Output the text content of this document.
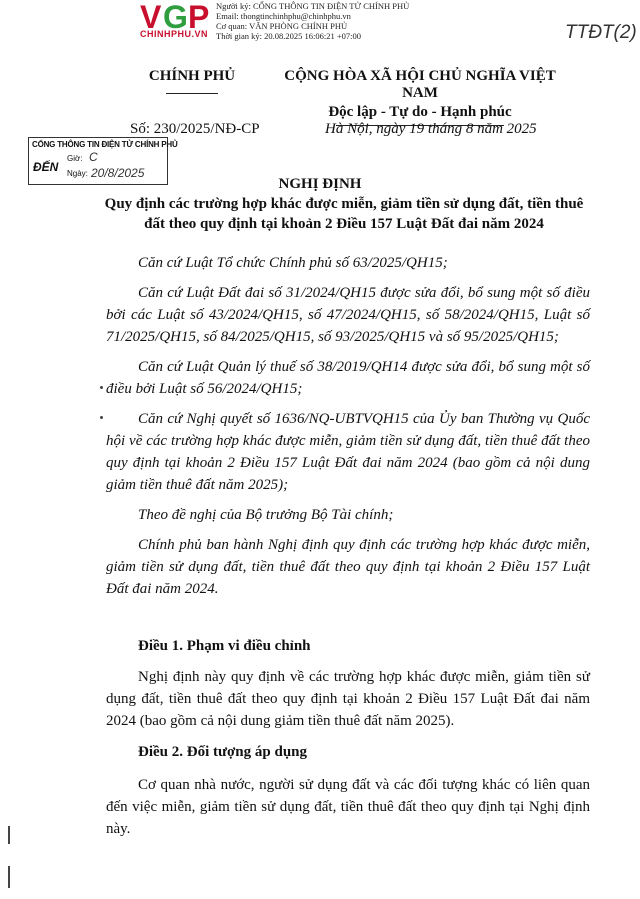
V G P
CHINHPHU.VN
Người ký: CỔNG THÔNG TIN ĐIỆN TỬ CHÍNH PHỦ
Email: thongtinchinhphu@chinhphu.vn
Cơ quan: VĂN PHÒNG CHÍNH PHỦ
Thời gian ký: 20.08.2025 16:06:21 +07:00	TTĐT(2)
CHÍNH PHỦ	CỘNG HÒA XÃ HỘI CHỦ NGHĨA VIỆT NAM
Độc lập - Tự do - Hạnh phúc
Số: 230/2025/NĐ-CP	Hà Nội, ngày 19 tháng 8 năm 2025
CỔNG THÔNG TIN ĐIỆN TỬ CHÍNH PHỦ
ĐẾN
Giờ: C
Ngày: 20/8/2025
NGHỊ ĐỊNH
Quy định các trường hợp khác được miễn, giảm tiền sử dụng đất, tiền thuê đất theo quy định tại khoản 2 Điều 157 Luật Đất đai năm 2024
Căn cứ Luật Tổ chức Chính phủ số 63/2025/QH15;
Căn cứ Luật Đất đai số 31/2024/QH15 được sửa đổi, bổ sung một số điều bởi các Luật số 43/2024/QH15, số 47/2024/QH15, số 58/2024/QH15, Luật số 71/2025/QH15, số 84/2025/QH15, số 93/2025/QH15 và số 95/2025/QH15;
Căn cứ Luật Quản lý thuế số 38/2019/QH14 được sửa đổi, bổ sung một số điều bởi Luật số 56/2024/QH15;
Căn cứ Nghị quyết số 1636/NQ-UBTVQH15 của Ủy ban Thường vụ Quốc hội về các trường hợp khác được miễn, giảm tiền sử dụng đất, tiền thuê đất theo quy định tại khoản 2 Điều 157 Luật Đất đai năm 2024 (bao gồm cả nội dung giảm tiền thuê đất năm 2025);
Theo đề nghị của Bộ trưởng Bộ Tài chính;
Chính phủ ban hành Nghị định quy định các trường hợp khác được miễn, giảm tiền sử dụng đất, tiền thuê đất theo quy định tại khoản 2 Điều 157 Luật Đất đai năm 2024.
Điều 1. Phạm vi điều chỉnh
Nghị định này quy định về các trường hợp khác được miễn, giảm tiền sử dụng đất, tiền thuê đất theo quy định tại khoản 2 Điều 157 Luật Đất đai năm 2024 (bao gồm cả nội dung giảm tiền thuê đất năm 2025).
Điều 2. Đối tượng áp dụng
Cơ quan nhà nước, người sử dụng đất và các đối tượng khác có liên quan đến việc miễn, giảm tiền sử dụng đất, tiền thuê đất theo quy định tại Nghị định này.
